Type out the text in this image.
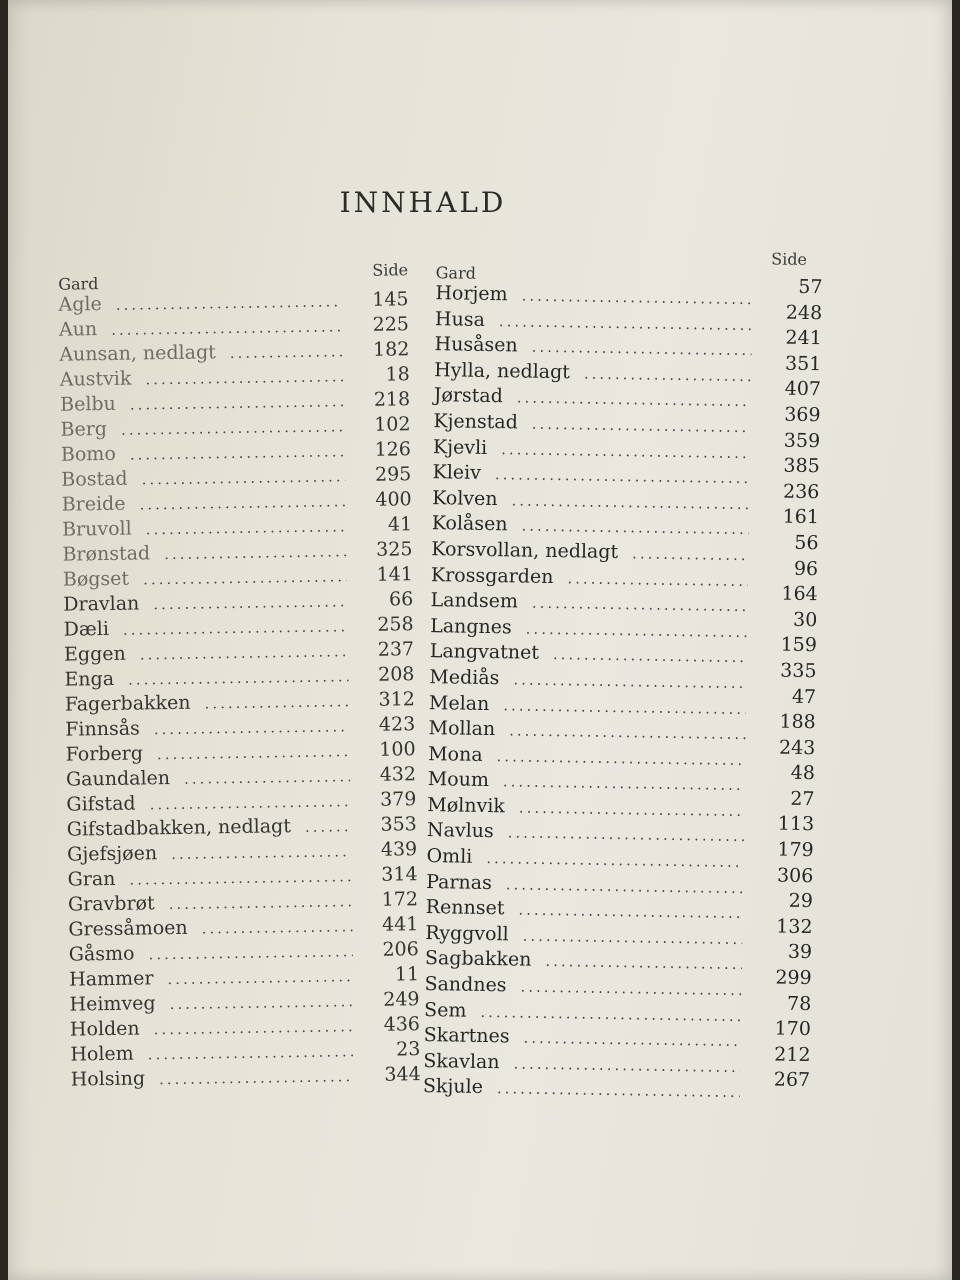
INNHALD
Gard
Side
Agle .....	145
Aun .....	225
Aunsan, nedlagt .....	182
Austvik .....	18
Belbu .....	218
Berg .....	102
Bomo .....	126
Bostad .....	295
Breide .....	400
Bruvoll .....	41
Brønstad .....	325
Bøgset .....	141
Dravlan .....	66
Dæli .....	258
Eggen .....	237
Enga .....	208
Fagerbakken .....	312
Finnsås .....	423
Forberg .....	100
Gaundalen .....	432
Gifstad .....	379
Gifstadbakken, nedlagt .....	353
Gjefsjøen .....	439
Gran .....	314
Gravbrøt .....	172
Gressåmoen .....	441
Gåsmo .....	206
Hammer .....	11
Heimveg .....	249
Holden .....	436
Holem .....	23
Holsing .....	344
Gard
Side
Horjem .....	57
Husa .....	248
Husåsen .....	241
Hylla, nedlagt .....	351
Jørstad .....	407
Kjenstad .....	369
Kjevli .....	359
Kleiv .....	385
Kolven .....	236
Kolåsen .....	161
Korsvollan, nedlagt .....	56
Krossgarden .....	96
Landsem .....	164
Langnes .....	30
Langvatnet .....	159
Mediås .....	335
Melan .....	47
Mollan .....	188
Mona .....	243
Moum .....	48
Mølnvik .....	27
Navlus .....	113
Omli .....	179
Parnas .....	306
Rennset .....	29
Ryggvoll .....	132
Sagbakken .....	39
Sandnes .....	299
Sem .....	78
Skartnes .....	170
Skavlan .....	212
Skjule .....	267
